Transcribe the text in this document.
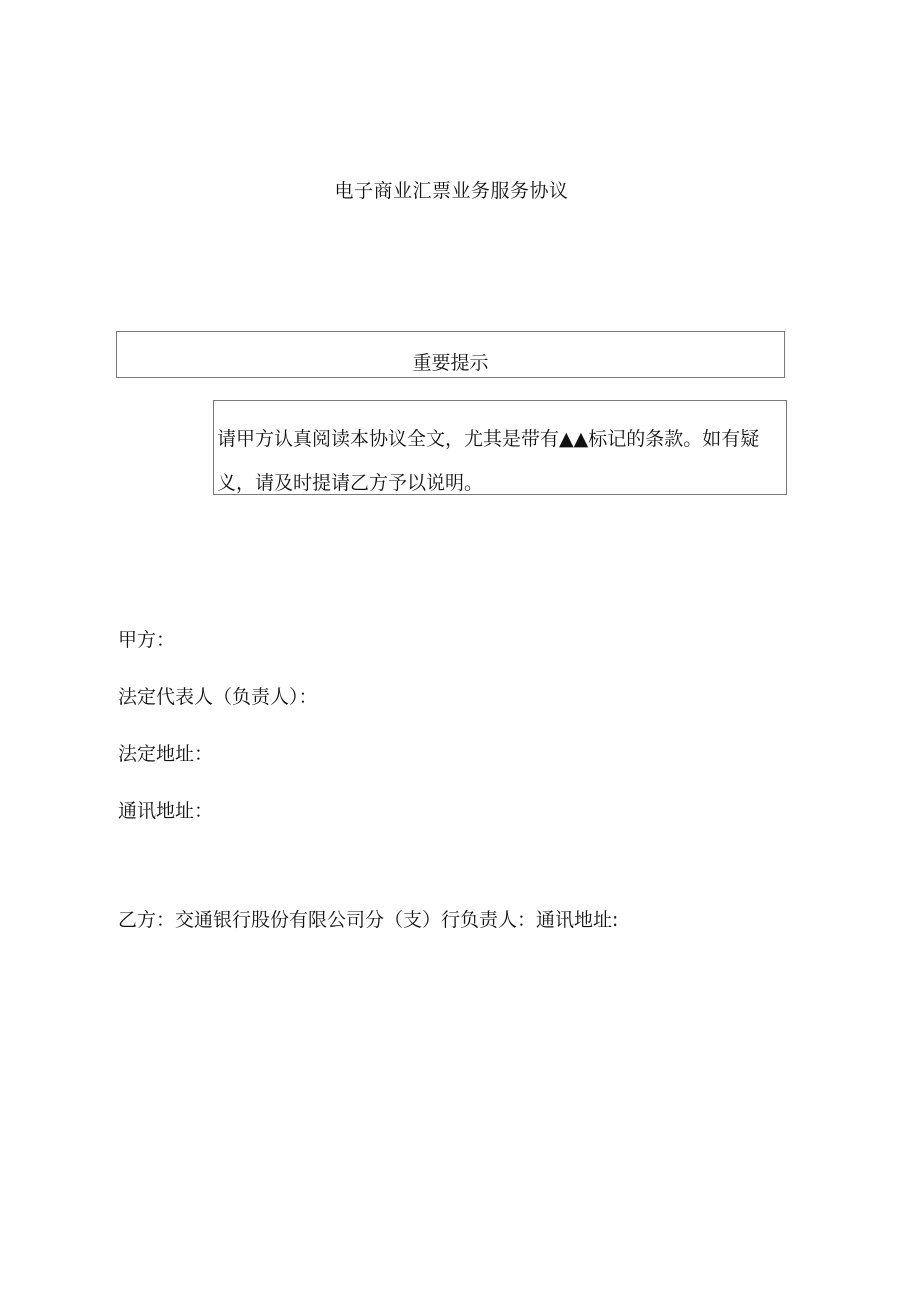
电子商业汇票业务服务协议
重要提示

请甲方认真阅读本协议全文，尤其是带有▲▲标记的条款。如有疑义，请及时提请乙方予以说明。

甲方：
法定代表人（负责人）：
法定地址：
通讯地址：
乙方：交通银行股份有限公司分（支）行负责人：通讯地址:
